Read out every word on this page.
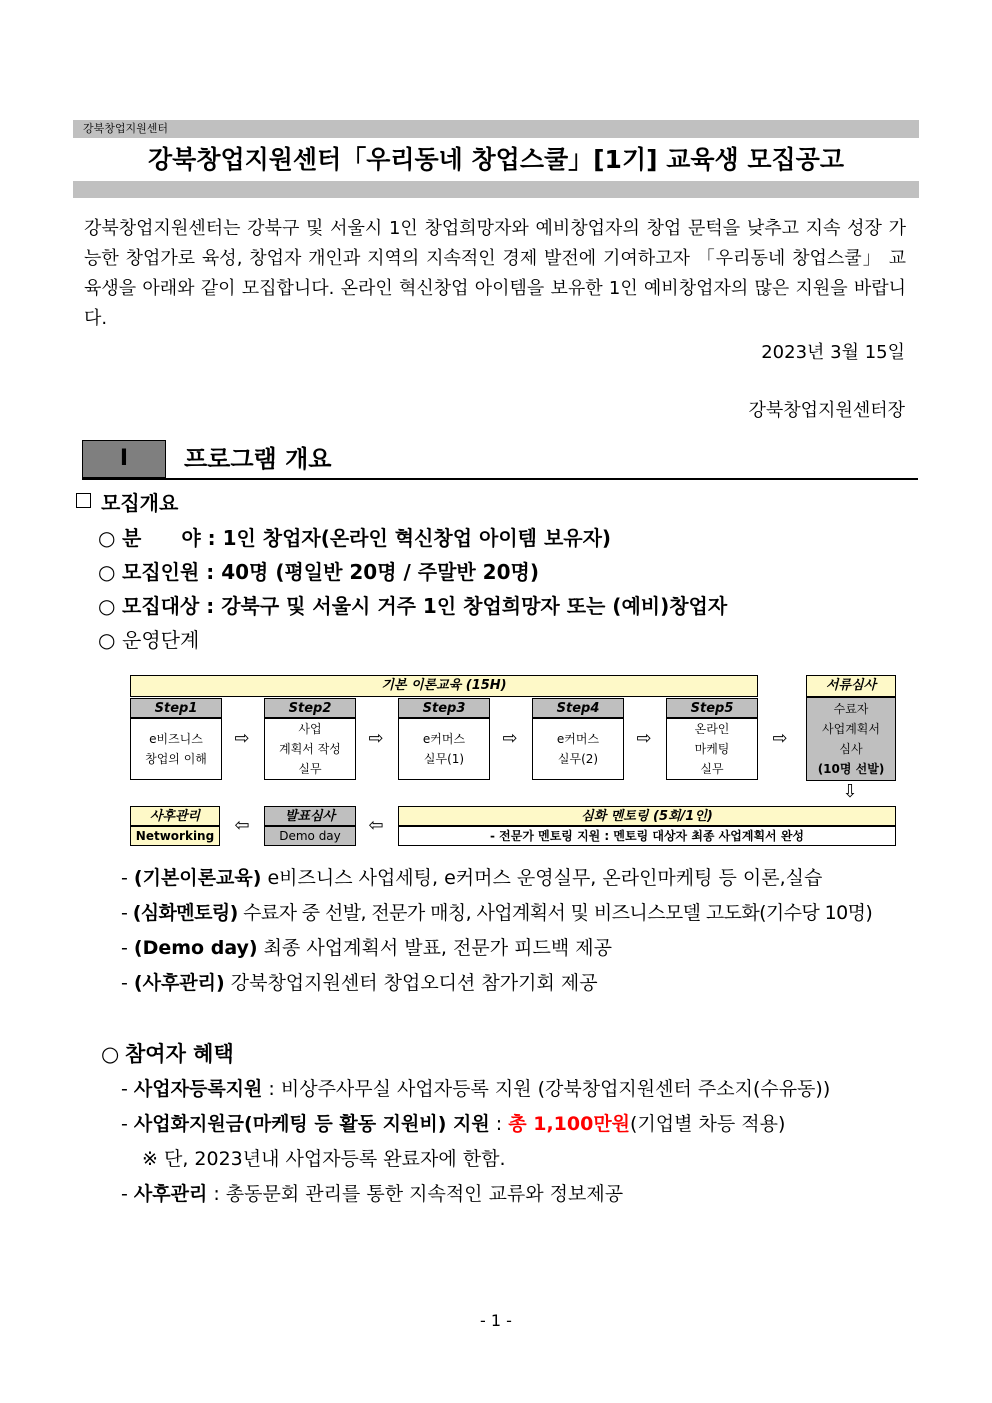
강북창업지원센터
강북창업지원센터「우리동네 창업스쿨」[1기] 교육생 모집공고
강북창업지원센터는 강북구 및 서울시 1인 창업희망자와 예비창업자의 창업 문턱을 낮추고 지속 성장 가능한 창업가로 육성, 창업자 개인과 지역의 지속적인 경제 발전에 기여하고자 「우리동네 창업스쿨」 교육생을 아래와 같이 모집합니다. 온라인 혁신창업 아이템을 보유한 1인 예비창업자의 많은 지원을 바랍니다.
2023년 3월 15일
강북창업지원센터장
I	프로그램 개요
모집개요
○ 분　　야 : 1인 창업자(온라인 혁신창업 아이템 보유자)
○ 모집인원 : 40명 (평일반 20명 / 주말반 20명)
○ 모집대상 : 강북구 및 서울시 거주 1인 창업희망자 또는 (예비)창업자
○ 운영단계
기본 이론교육 (15H)	서류심사
Step1
e비즈니스
창업의 이해
⇨
Step2
사업
계획서 작성
실무
⇨
Step3
e커머스
실무(1)
⇨
Step4
e커머스
실무(2)
⇨
Step5
온라인
마케팅
실무
⇨
수료자
사업계획서
심사
(10명 선발)
⇩
사후관리
Networking	⇦	발표심사
Demo day	⇦	심화 멘토링 (5회/1인)
- 전문가 멘토링 지원 : 멘토링 대상자 최종 사업계획서 완성
- (기본이론교육) e비즈니스 사업세팅, e커머스 운영실무, 온라인마케팅 등 이론,실습
- (심화멘토링) 수료자 중 선발, 전문가 매칭, 사업계획서 및 비즈니스모델 고도화(기수당 10명)
- (Demo day) 최종 사업계획서 발표, 전문가 피드백 제공
- (사후관리) 강북창업지원센터 창업오디션 참가기회 제공
○ 참여자 혜택
- 사업자등록지원 : 비상주사무실 사업자등록 지원 (강북창업지원센터 주소지(수유동))
- 사업화지원금(마케팅 등 활동 지원비) 지원 : 총 1,100만원(기업별 차등 적용)
※ 단, 2023년내 사업자등록 완료자에 한함.
- 사후관리 : 총동문회 관리를 통한 지속적인 교류와 정보제공
- 1 -
